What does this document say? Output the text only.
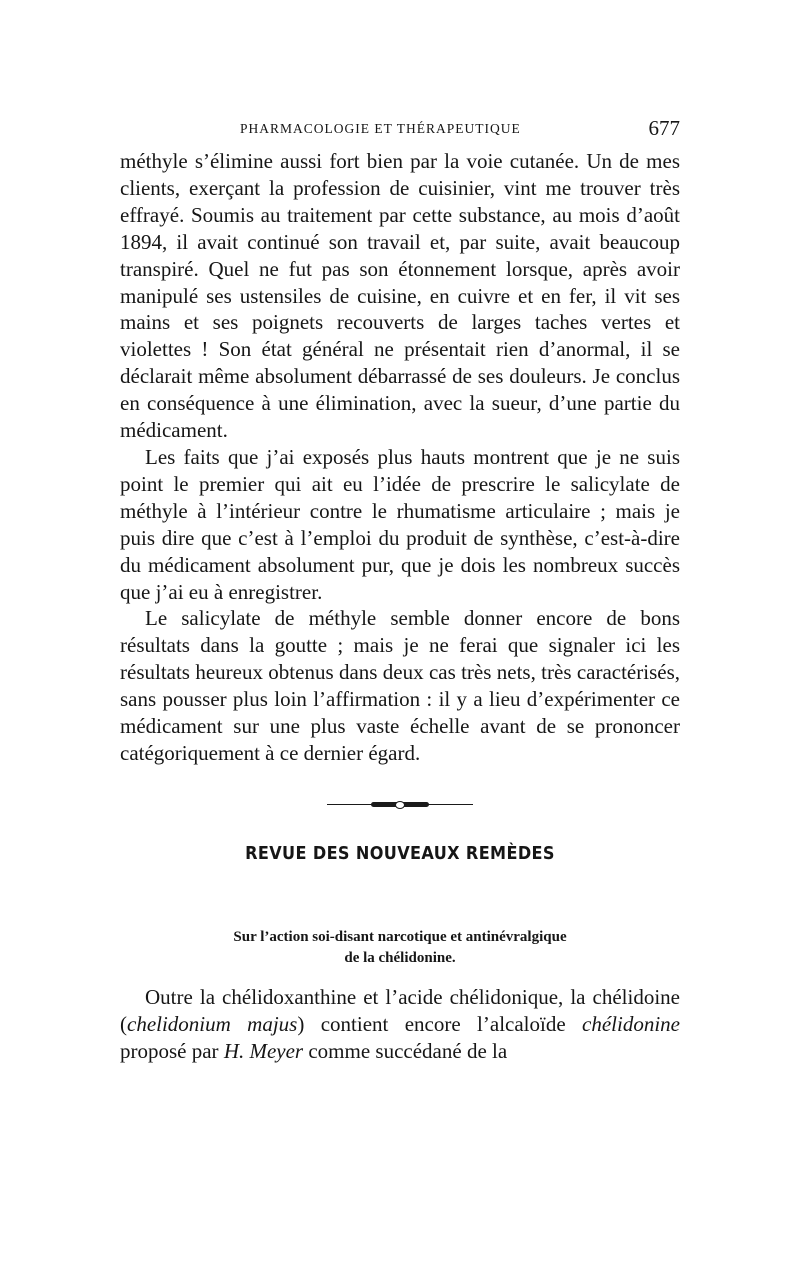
PHARMACOLOGIE ET THÉRAPEUTIQUE	677

méthyle s’élimine aussi fort bien par la voie cutanée. Un de mes clients, exerçant la profession de cuisinier, vint me trouver très effrayé. Soumis au traitement par cette substance, au mois d’août 1894, il avait continué son travail et, par suite, avait beaucoup transpiré. Quel ne fut pas son étonnement lorsque, après avoir manipulé ses ustensiles de cuisine, en cuivre et en fer, il vit ses mains et ses poignets recouverts de larges taches vertes et violettes ! Son état général ne présentait rien d’anormal, il se déclarait même absolument débarrassé de ses douleurs. Je conclus en conséquence à une élimination, avec la sueur, d’une partie du médicament.

Les faits que j’ai exposés plus hauts montrent que je ne suis point le premier qui ait eu l’idée de prescrire le salicylate de méthyle à l’intérieur contre le rhumatisme articulaire ; mais je puis dire que c’est à l’emploi du produit de synthèse, c’est-à-dire du médicament absolument pur, que je dois les nombreux succès que j’ai eu à enregistrer.

Le salicylate de méthyle semble donner encore de bons résultats dans la goutte ; mais je ne ferai que signaler ici les résultats heureux obtenus dans deux cas très nets, très caractérisés, sans pousser plus loin l’affirmation : il y a lieu d’expérimenter ce médicament sur une plus vaste échelle avant de se prononcer catégoriquement à ce dernier égard.

REVUE DES NOUVEAUX REMÈDES
Sur l’action soi-disant narcotique et antinévralgique
de la chélidonine.

Outre la chélidoxanthine et l’acide chélidonique, la chélidoine (chelidonium majus) contient encore l’alcaloïde chélidonine proposé par H. Meyer comme succédané de la
